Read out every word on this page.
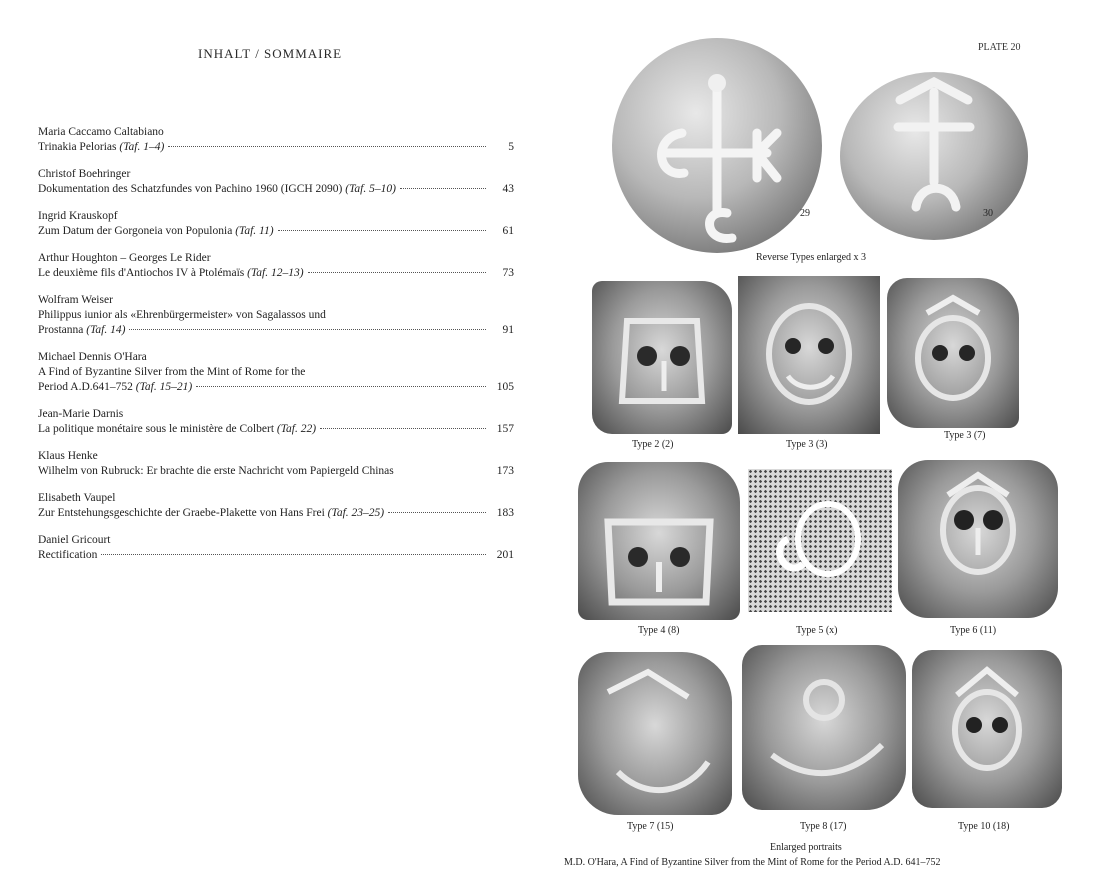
INHALT / SOMMAIRE
Maria Caccamo Caltabiano
Trinakia Pelorias (Taf. 1–4)	5
Christof Boehringer
Dokumentation des Schatzfundes von Pachino 1960 (IGCH 2090) (Taf. 5–10)	43
Ingrid Krauskopf
Zum Datum der Gorgoneia von Populonia (Taf. 11)	61
Arthur Houghton – Georges Le Rider
Le deuxième fils d'Antiochos IV à Ptolémaïs (Taf. 12–13)	73
Wolfram Weiser
Philippus iunior als «Ehrenbürgermeister» von Sagalassos und
Prostanna (Taf. 14)	91
Michael Dennis O'Hara
A Find of Byzantine Silver from the Mint of Rome for the
Period A.D.641–752 (Taf. 15–21)	105
Jean-Marie Darnis
La politique monétaire sous le ministère de Colbert (Taf. 22)	157
Klaus Henke
Wilhelm von Rubruck: Er brachte die erste Nachricht vom Papiergeld Chinas	173
Elisabeth Vaupel
Zur Entstehungsgeschichte der Graebe-Plakette von Hans Frei (Taf. 23–25)	183
Daniel Gricourt
Rectification	201
PLATE 20
29	30
Reverse Types enlarged x 3
Type 2 (2)	Type 3 (3)
Type 3 (7)
Type 4 (8)	Type 5 (x)	Type 6 (11)
Type 7 (15)	Type 8 (17)	Type 10 (18)
Enlarged portraits
M.D. O'Hara, A Find of Byzantine Silver from the Mint of Rome for the Period A.D. 641–752
